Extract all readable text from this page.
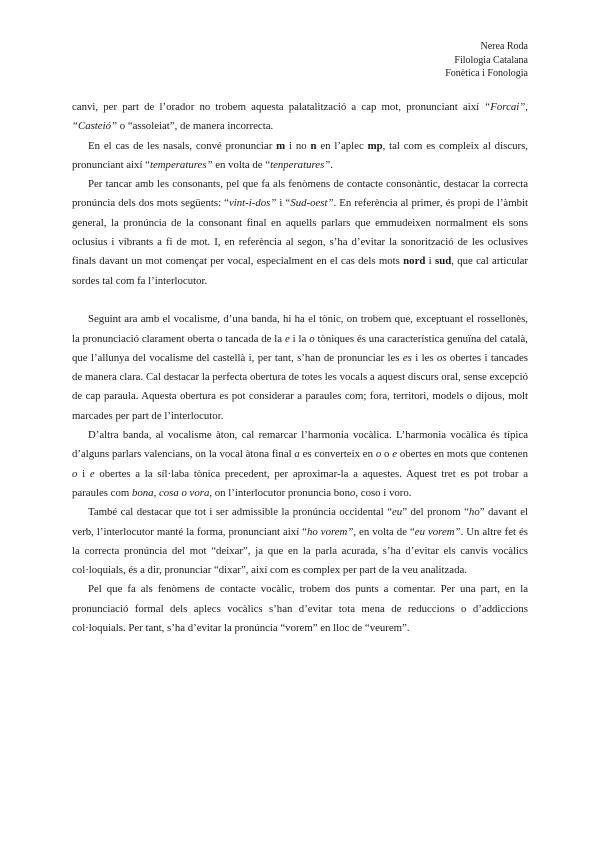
Nerea Roda
Filologia Catalana
Fonètica i Fonologia

canvi, per part de l’orador no trobem aquesta palatalització a cap mot, pronunciant així “Forcai”, “Casteió” o “assoleiat”, de manera incorrecta.

En el cas de les nasals, convé pronunciar m i no n en l’aplec mp, tal com es compleix al discurs, pronunciant així “temperatures” en volta de “tenperatures”.

Per tancar amb les consonants, pel que fa als fenòmens de contacte consonàntic, destacar la correcta pronúncia dels dos mots següents: “vint-i-dos” i “Sud-oest”. En referència al primer, és propi de l’àmbit general, la pronúncia de la consonant final en aquells parlars que emmudeixen normalment els sons oclusius i vibrants a fi de mot. I, en referència al segon, s’ha d’evitar la sonorització de les oclusives finals davant un mot començat per vocal, especialment en el cas dels mots nord i sud, que cal articular sordes tal com fa l’interlocutor.

Seguint ara amb el vocalisme, d’una banda, hi ha el tònic, on trobem que, exceptuant el rossellonès, la pronunciació clarament oberta o tancada de la e i la o tòniques és una característica genuïna del català, que l’allunya del vocalisme del castellà i, per tant, s’han de pronunciar les es i les os obertes i tancades de manera clara. Cal destacar la perfecta obertura de totes les vocals a aquest discurs oral, sense excepció de cap paraula. Aquesta obertura es pot considerar a paraules com; fora, territori, models o dijous, molt marcades per part de l’interlocutor.

D’altra banda, al vocalisme àton, cal remarcar l’harmonia vocàlica. L’harmonia vocàlica és típica d’alguns parlars valencians, on la vocal àtona final a es converteix en o o e obertes en mots que contenen o i e obertes a la síl·laba tònica precedent, per aproximar-la a aquestes. Aquest tret es pot trobar a paraules com bona, cosa o vora, on l’interlocutor pronuncia bono, coso i voro.

També cal destacar que tot i ser admissible la pronúncia occidental “eu” del pronom “ho” davant el verb, l’interlocutor manté la forma, pronunciant així “ho vorem”, en volta de “eu vorem”. Un altre fet és la correcta pronúncia del mot “deixar”, ja que en la parla acurada, s’ha d’evitar els canvis vocàlics col·loquials, és a dir, pronunciar “dixar”, així com es complex per part de la veu analitzada.

Pel que fa als fenòmens de contacte vocàlic, trobem dos punts a comentar. Per una part, en la pronunciació formal dels aplecs vocàlics s’han d’evitar tota mena de reduccions o d’addiccions col·loquials. Per tant, s’ha d’evitar la pronúncia “vorem” en lloc de “veurem”.
